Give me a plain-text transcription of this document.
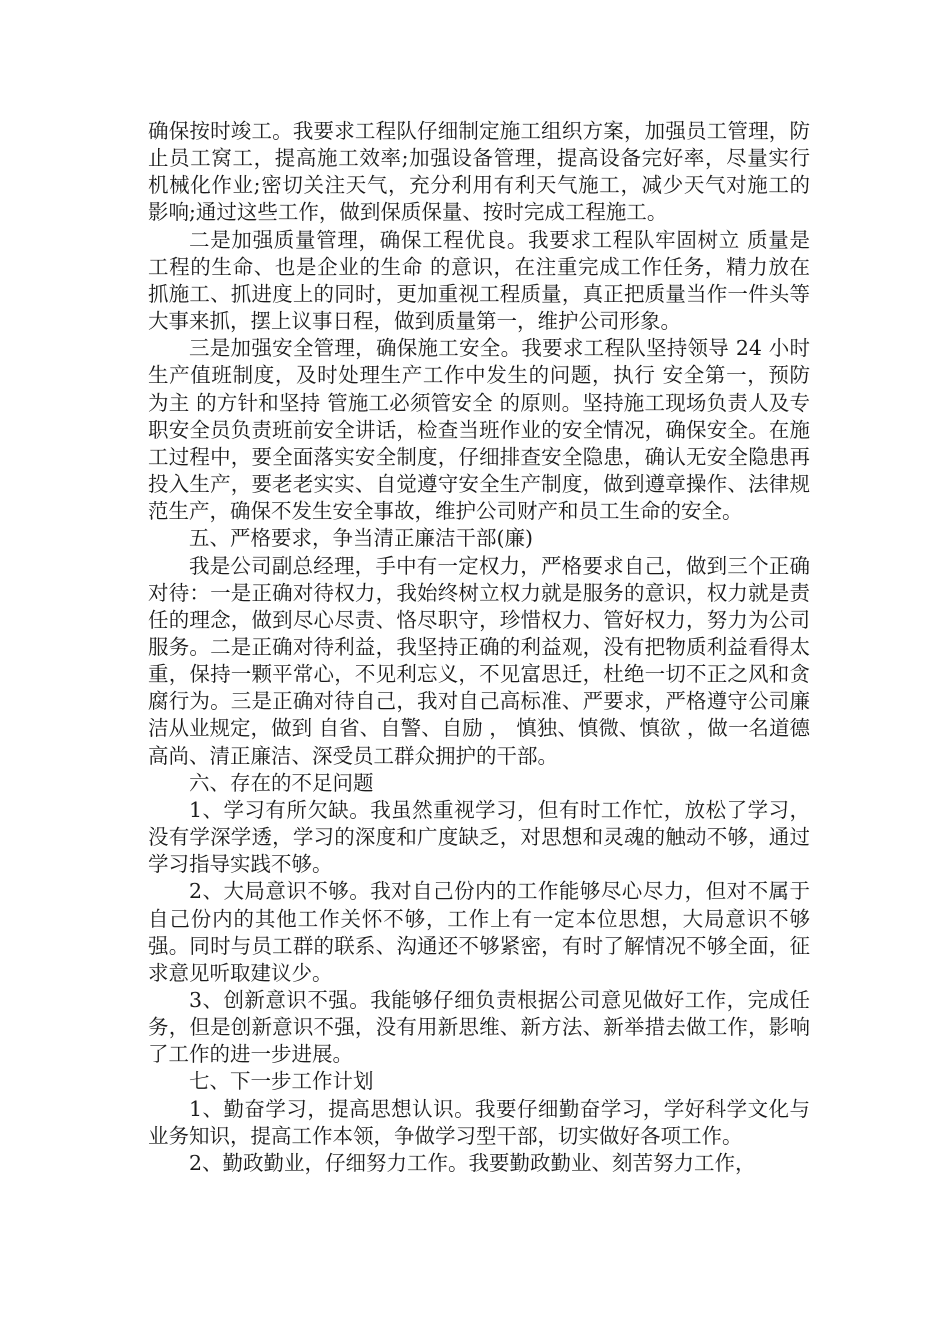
确保按时竣工。我要求工程队仔细制定施工组织方案，加强员工管理，防止员工窝工，提高施工效率;加强设备管理，提高设备完好率，尽量实行机械化作业;密切关注天气，充分利用有利天气施工，减少天气对施工的影响;通过这些工作，做到保质保量、按时完成工程施工。

二是加强质量管理，确保工程优良。我要求工程队牢固树立 质量是工程的生命、也是企业的生命 的意识，在注重完成工作任务，精力放在抓施工、抓进度上的同时，更加重视工程质量，真正把质量当作一件头等大事来抓，摆上议事日程，做到质量第一，维护公司形象。

三是加强安全管理，确保施工安全。我要求工程队坚持领导 24 小时生产值班制度，及时处理生产工作中发生的问题，执行 安全第一，预防为主 的方针和坚持 管施工必须管安全 的原则。坚持施工现场负责人及专职安全员负责班前安全讲话，检查当班作业的安全情况，确保安全。在施工过程中，要全面落实安全制度，仔细排查安全隐患，确认无安全隐患再投入生产，要老老实实、自觉遵守安全生产制度，做到遵章操作、法律规范生产，确保不发生安全事故，维护公司财产和员工生命的安全。

五、严格要求，争当清正廉洁干部(廉)

我是公司副总经理，手中有一定权力，严格要求自己，做到三个正确对待：一是正确对待权力，我始终树立权力就是服务的意识，权力就是责任的理念，做到尽心尽责、恪尽职守，珍惜权力、管好权力，努力为公司服务。二是正确对待利益，我坚持正确的利益观，没有把物质利益看得太重，保持一颗平常心，不见利忘义，不见富思迁，杜绝一切不正之风和贪腐行为。三是正确对待自己，我对自己高标准、严要求，严格遵守公司廉洁从业规定，做到 自省、自警、自励 ， 慎独、慎微、慎欲 ，做一名道德高尚、清正廉洁、深受员工群众拥护的干部。

六、存在的不足问题

1、学习有所欠缺。我虽然重视学习，但有时工作忙，放松了学习，没有学深学透，学习的深度和广度缺乏，对思想和灵魂的触动不够，通过学习指导实践不够。

2、大局意识不够。我对自己份内的工作能够尽心尽力，但对不属于自己份内的其他工作关怀不够，工作上有一定本位思想，大局意识不够强。同时与员工群的联系、沟通还不够紧密，有时了解情况不够全面，征求意见听取建议少。

3、创新意识不强。我能够仔细负责根据公司意见做好工作，完成任务，但是创新意识不强，没有用新思维、新方法、新举措去做工作，影响了工作的进一步进展。

七、下一步工作计划

1、勤奋学习，提高思想认识。我要仔细勤奋学习，学好科学文化与业务知识，提高工作本领，争做学习型干部，切实做好各项工作。

2、勤政勤业，仔细努力工作。我要勤政勤业、刻苦努力工作，
